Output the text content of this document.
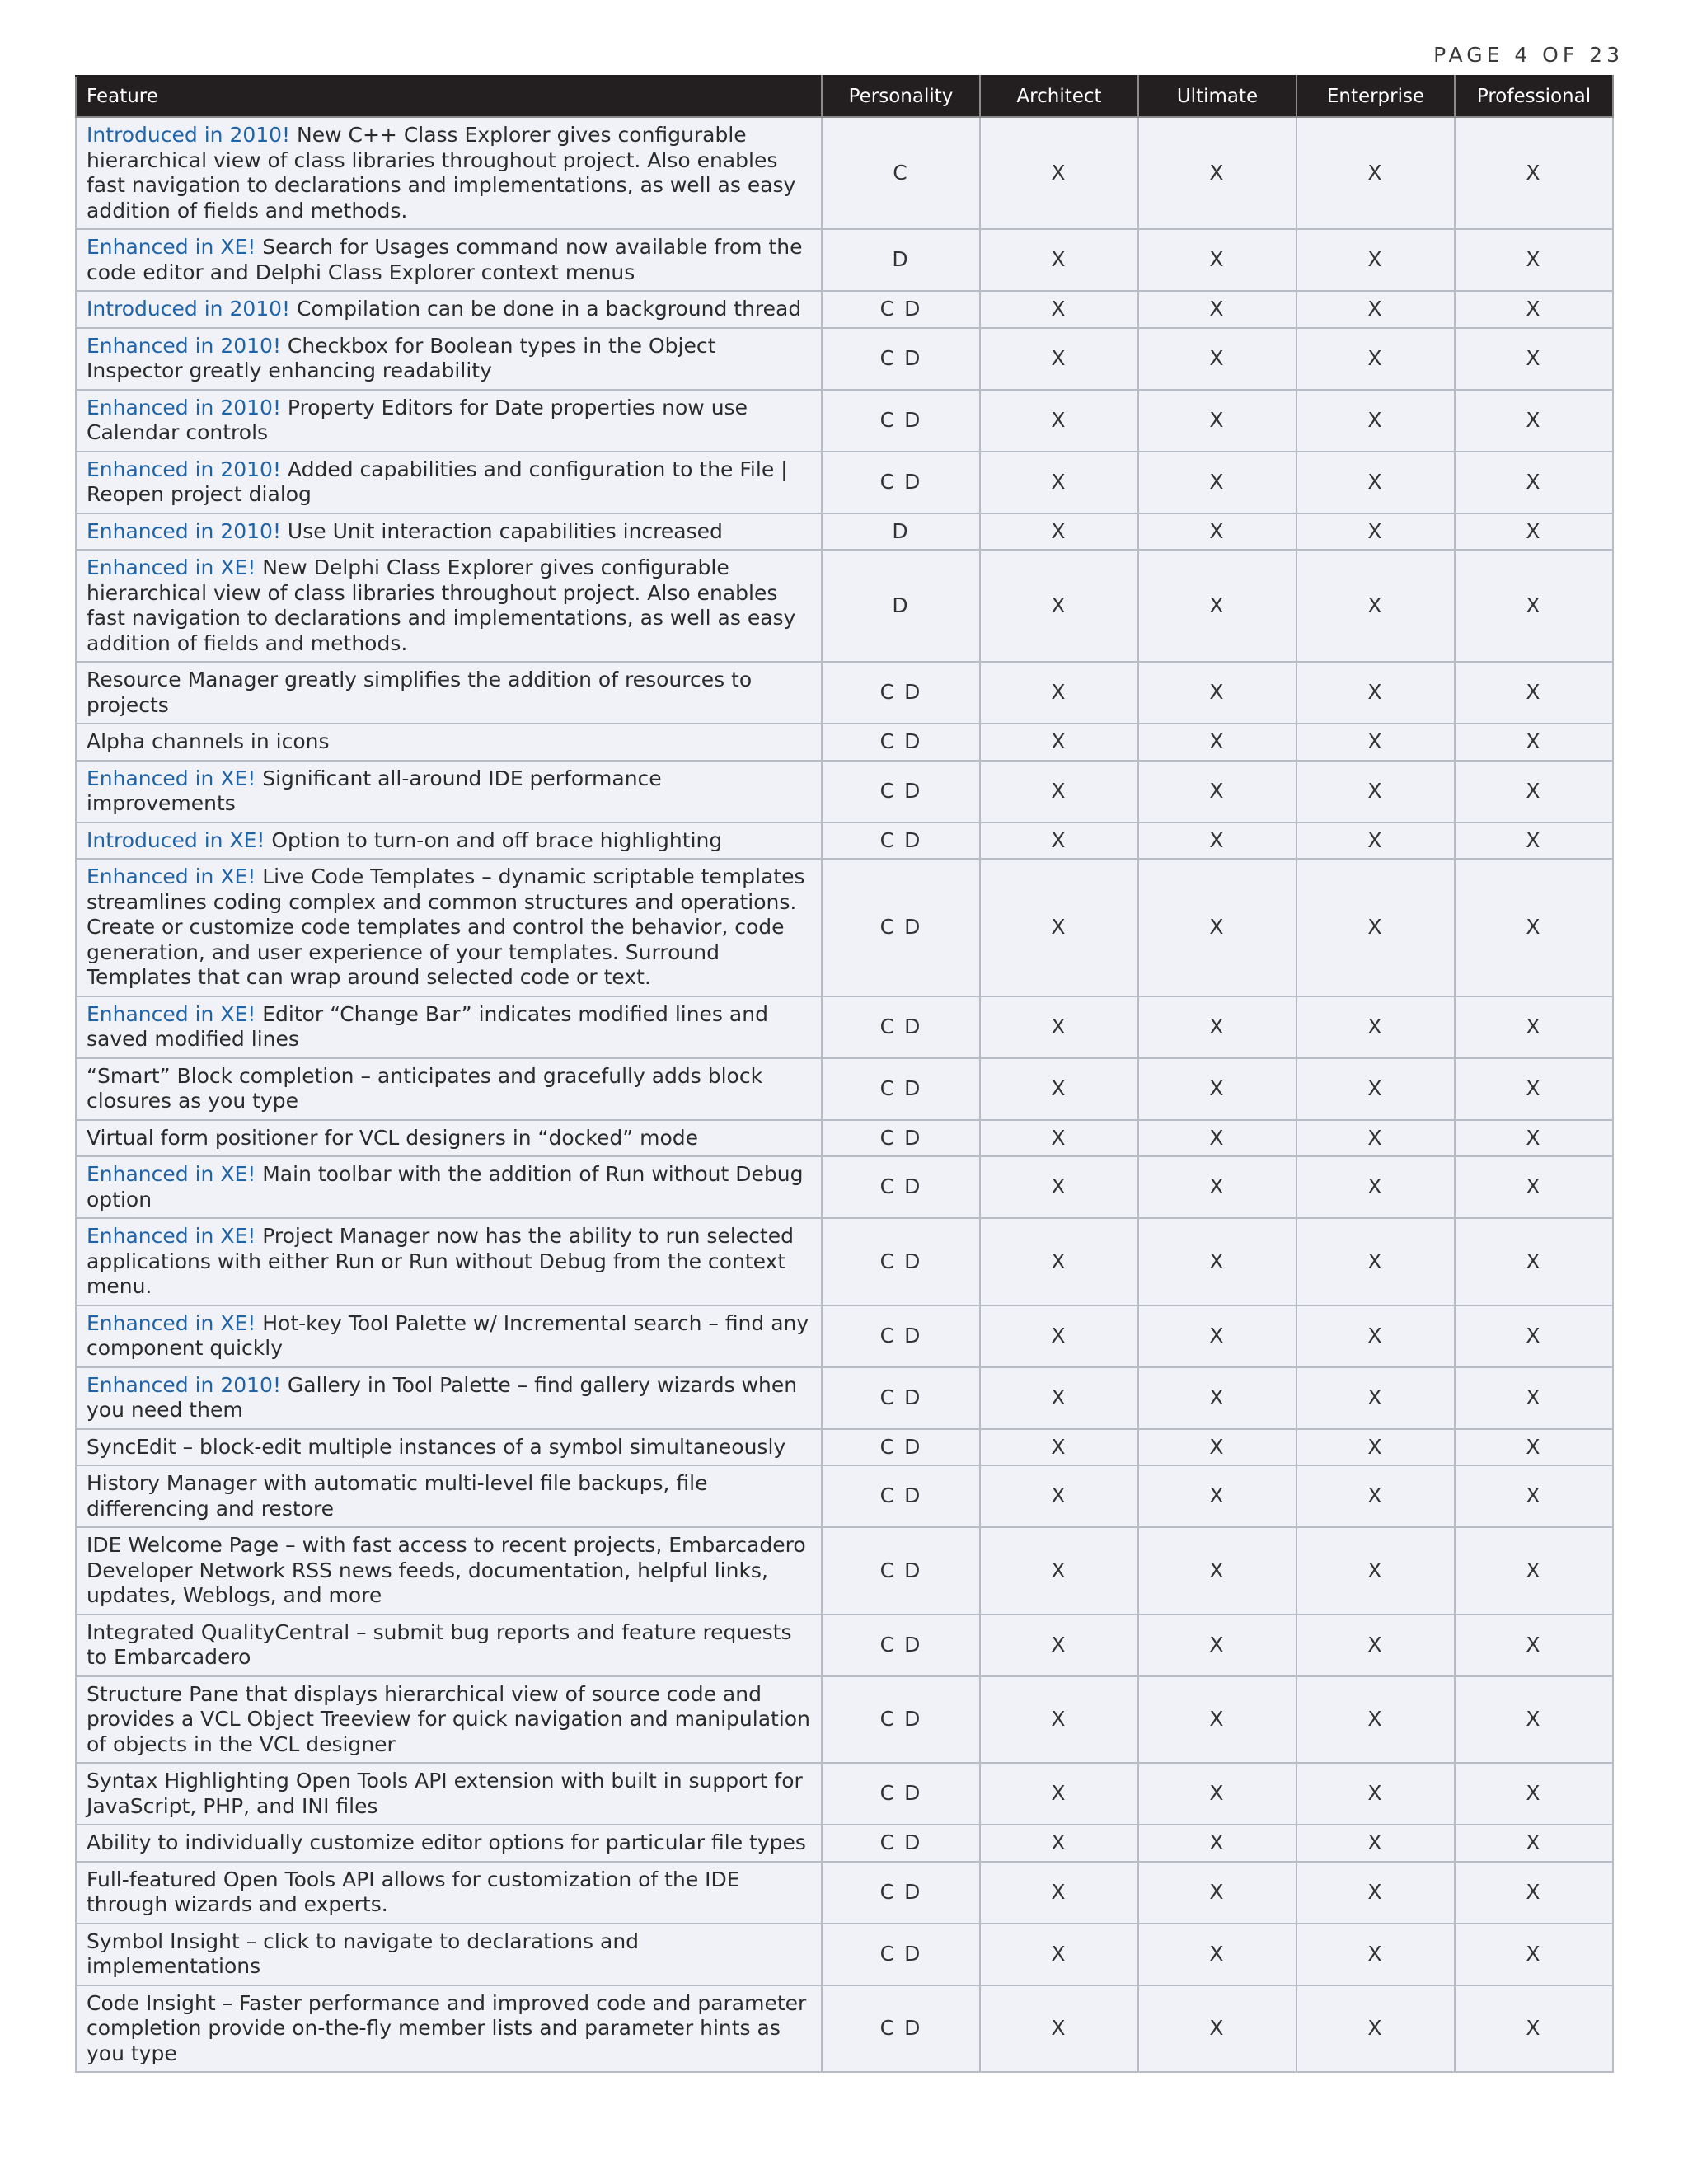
PAGE 4 OF 23
Feature	Personality	Architect	Ultimate	Enterprise	Professional
Introduced in 2010! New C++ Class Explorer gives configurable hierarchical view of class libraries throughout project. Also enables fast navigation to declarations and implementations, as well as easy addition of fields and methods.	C	X	X	X	X
Enhanced in XE! Search for Usages command now available from the code editor and Delphi Class Explorer context menus	D	X	X	X	X
Introduced in 2010! Compilation can be done in a background thread	C D	X	X	X	X
Enhanced in 2010! Checkbox for Boolean types in the Object Inspector greatly enhancing readability	C D	X	X	X	X
Enhanced in 2010! Property Editors for Date properties now use Calendar controls	C D	X	X	X	X
Enhanced in 2010! Added capabilities and configuration to the File | Reopen project dialog	C D	X	X	X	X
Enhanced in 2010! Use Unit interaction capabilities increased	D	X	X	X	X
Enhanced in XE! New Delphi Class Explorer gives configurable hierarchical view of class libraries throughout project. Also enables fast navigation to declarations and implementations, as well as easy addition of fields and methods.	D	X	X	X	X
Resource Manager greatly simplifies the addition of resources to projects	C D	X	X	X	X
Alpha channels in icons	C D	X	X	X	X
Enhanced in XE! Significant all-around IDE performance improvements	C D	X	X	X	X
Introduced in XE! Option to turn-on and off brace highlighting	C D	X	X	X	X
Enhanced in XE! Live Code Templates – dynamic scriptable templates streamlines coding complex and common structures and operations. Create or customize code templates and control the behavior, code generation, and user experience of your templates. Surround Templates that can wrap around selected code or text.	C D	X	X	X	X
Enhanced in XE! Editor “Change Bar” indicates modified lines and saved modified lines	C D	X	X	X	X
“Smart” Block completion – anticipates and gracefully adds block closures as you type	C D	X	X	X	X
Virtual form positioner for VCL designers in “docked” mode	C D	X	X	X	X
Enhanced in XE! Main toolbar with the addition of Run without Debug option	C D	X	X	X	X
Enhanced in XE! Project Manager now has the ability to run selected applications with either Run or Run without Debug from the context menu.	C D	X	X	X	X
Enhanced in XE! Hot-key Tool Palette w/ Incremental search – find any component quickly	C D	X	X	X	X
Enhanced in 2010! Gallery in Tool Palette – find gallery wizards when you need them	C D	X	X	X	X
SyncEdit – block-edit multiple instances of a symbol simultaneously	C D	X	X	X	X
History Manager with automatic multi-level file backups, file differencing and restore	C D	X	X	X	X
IDE Welcome Page – with fast access to recent projects, Embarcadero Developer Network RSS news feeds, documentation, helpful links, updates, Weblogs, and more	C D	X	X	X	X
Integrated QualityCentral – submit bug reports and feature requests to Embarcadero	C D	X	X	X	X
Structure Pane that displays hierarchical view of source code and provides a VCL Object Treeview for quick navigation and manipulation of objects in the VCL designer	C D	X	X	X	X
Syntax Highlighting Open Tools API extension with built in support for JavaScript, PHP, and INI files	C D	X	X	X	X
Ability to individually customize editor options for particular file types	C D	X	X	X	X
Full-featured Open Tools API allows for customization of the IDE through wizards and experts.	C D	X	X	X	X
Symbol Insight – click to navigate to declarations and implementations	C D	X	X	X	X
Code Insight – Faster performance and improved code and parameter completion provide on-the-fly member lists and parameter hints as you type	C D	X	X	X	X
